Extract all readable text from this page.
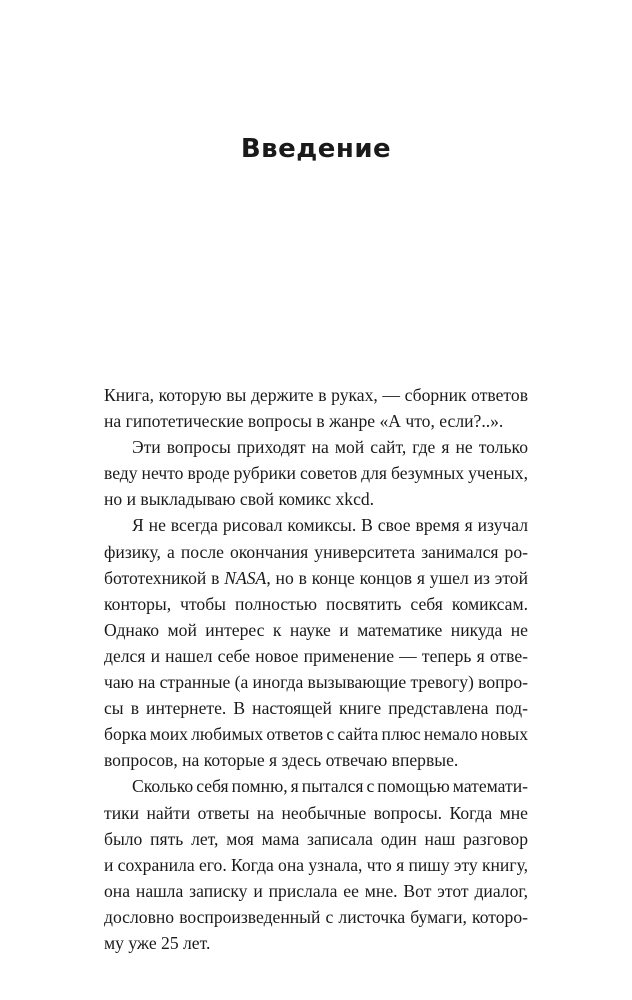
Введение

Книга, которую вы держите в руках, — сборник ответов
на гипотетические вопросы в жанре «А что, если?..».

Эти вопросы приходят на мой сайт, где я не только
веду нечто вроде рубрики советов для безумных ученых,
но и выкладываю свой комикс xkcd.

Я не всегда рисовал комиксы. В свое время я изучал
физику, а после окончания университета занимался ро-
бототехникой в NASA, но в конце концов я ушел из этой
конторы, чтобы полностью посвятить себя комиксам.
Однако мой интерес к науке и математике никуда не
делся и нашел себе новое применение — теперь я отве-
чаю на странные (а иногда вызывающие тревогу) вопро-
сы в интернете. В настоящей книге представлена под-
борка моих любимых ответов с сайта плюс немало новых
вопросов, на которые я здесь отвечаю впервые.

Сколько себя помню, я пытался с помощью математи-
тики найти ответы на необычные вопросы. Когда мне
было пять лет, моя мама записала один наш разговор
и сохранила его. Когда она узнала, что я пишу эту книгу,
она нашла записку и прислала ее мне. Вот этот диалог,
дословно воспроизведенный с листочка бумаги, которо-
му уже 25 лет.
